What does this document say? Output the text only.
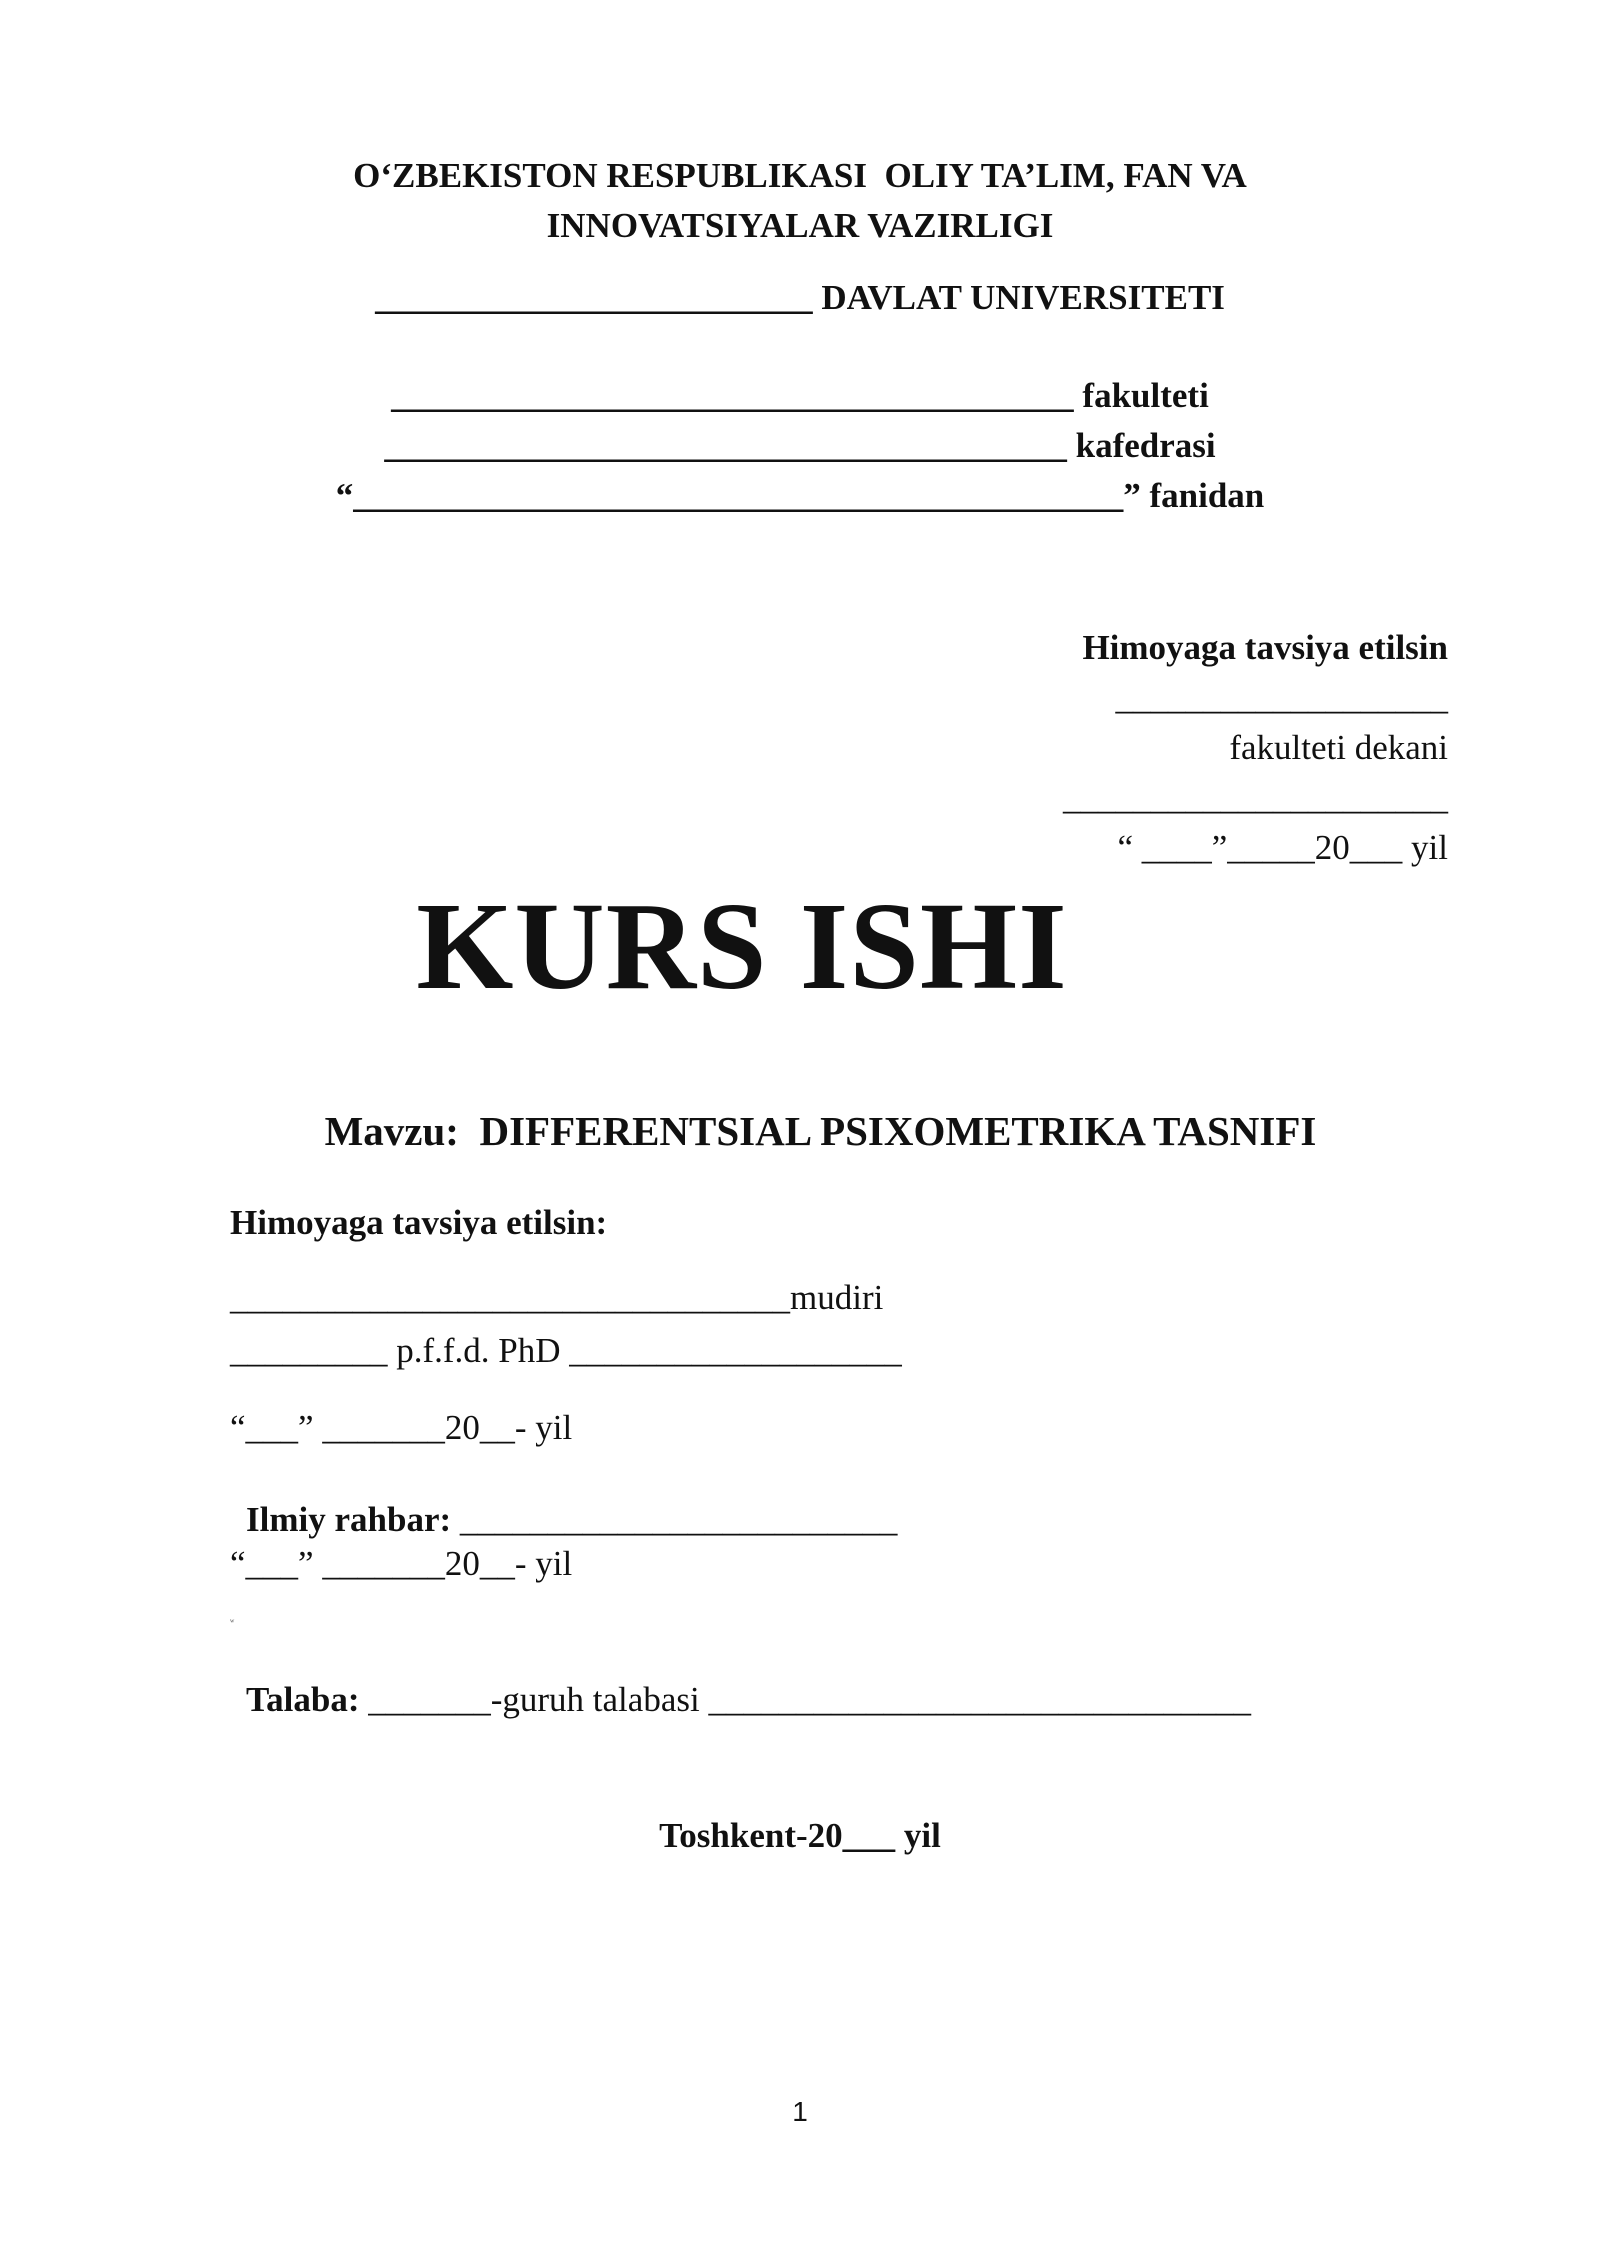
O‘ZBEKISTON RESPUBLIKASI  OLIY TA’LIM, FAN VA
INNOVATSIYALAR VAZIRLIGI
_________________________ DAVLAT UNIVERSITETI
_______________________________________ fakulteti
_______________________________________ kafedrasi
“____________________________________________” fanidan
Himoyaga tavsiya etilsin
___________________
fakulteti dekani
______________________
“ ____”_____20___ yil
KURS ISHI

Mavzu: DIFFERENTSIAL PSIXOMETRIKA TASNIFI

Himoyaga tavsiya etilsin:
________________________________mudiri
_________ p.f.f.d. PhD ___________________
“___” _______20__- yil

Ilmiy rahbar: _________________________

“___” _______20__- yil
ʷ

Talaba: _______-guruh talabasi _______________________________

Toshkent-20___ yil
1
